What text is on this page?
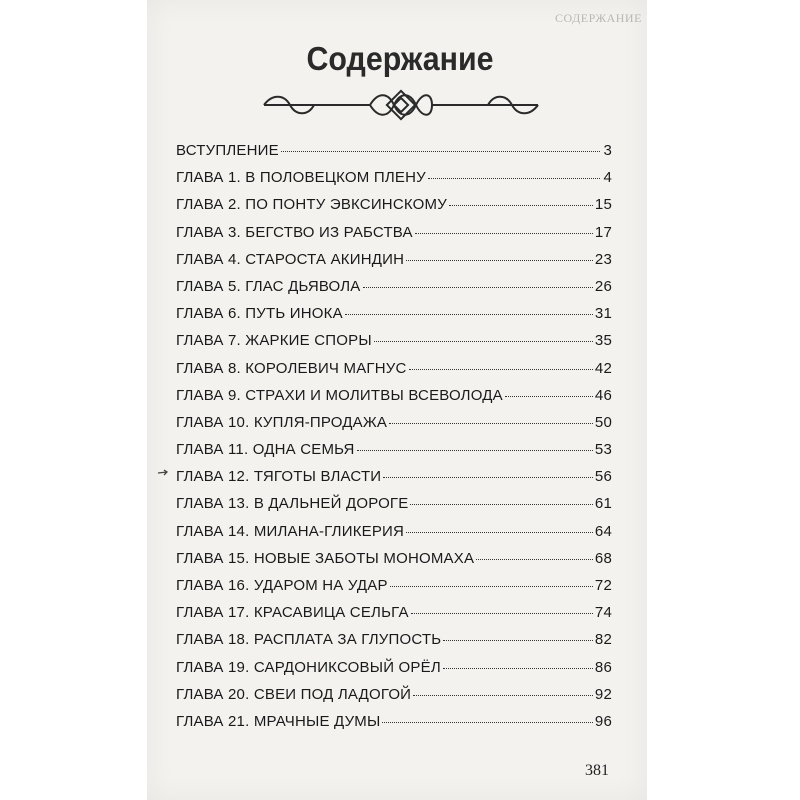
СОДЕРЖАНИЕ
Содержание
ВСТУПЛЕНИЕ	3
ГЛАВА 1. В ПОЛОВЕЦКОМ ПЛЕНУ	4
ГЛАВА 2. ПО ПОНТУ ЭВКСИНСКОМУ	15
ГЛАВА 3. БЕГСТВО ИЗ РАБСТВА	17
ГЛАВА 4. СТАРОСТА АКИНДИН	23
ГЛАВА 5. ГЛАС ДЬЯВОЛА	26
ГЛАВА 6. ПУТЬ ИНОКА	31
ГЛАВА 7. ЖАРКИЕ СПОРЫ	35
ГЛАВА 8. КОРОЛЕВИЧ МАГНУС	42
ГЛАВА 9. СТРАХИ И МОЛИТВЫ ВСЕВОЛОДА	46
ГЛАВА 10. КУПЛЯ-ПРОДАЖА	50
ГЛАВА 11. ОДНА СЕМЬЯ	53
ГЛАВА 12. ТЯГОТЫ ВЛАСТИ	56
ГЛАВА 13. В ДАЛЬНЕЙ ДОРОГЕ	61
ГЛАВА 14. МИЛАНА-ГЛИКЕРИЯ	64
ГЛАВА 15. НОВЫЕ ЗАБОТЫ МОНОМАХА	68
ГЛАВА 16. УДАРОМ НА УДАР	72
ГЛАВА 17. КРАСАВИЦА СЕЛЬГА	74
ГЛАВА 18. РАСПЛАТА ЗА ГЛУПОСТЬ	82
ГЛАВА 19. САРДОНИКСОВЫЙ ОРЁЛ	86
ГЛАВА 20. СВЕИ ПОД ЛАДОГОЙ	92
ГЛАВА 21. МРАЧНЫЕ ДУМЫ	96
381
